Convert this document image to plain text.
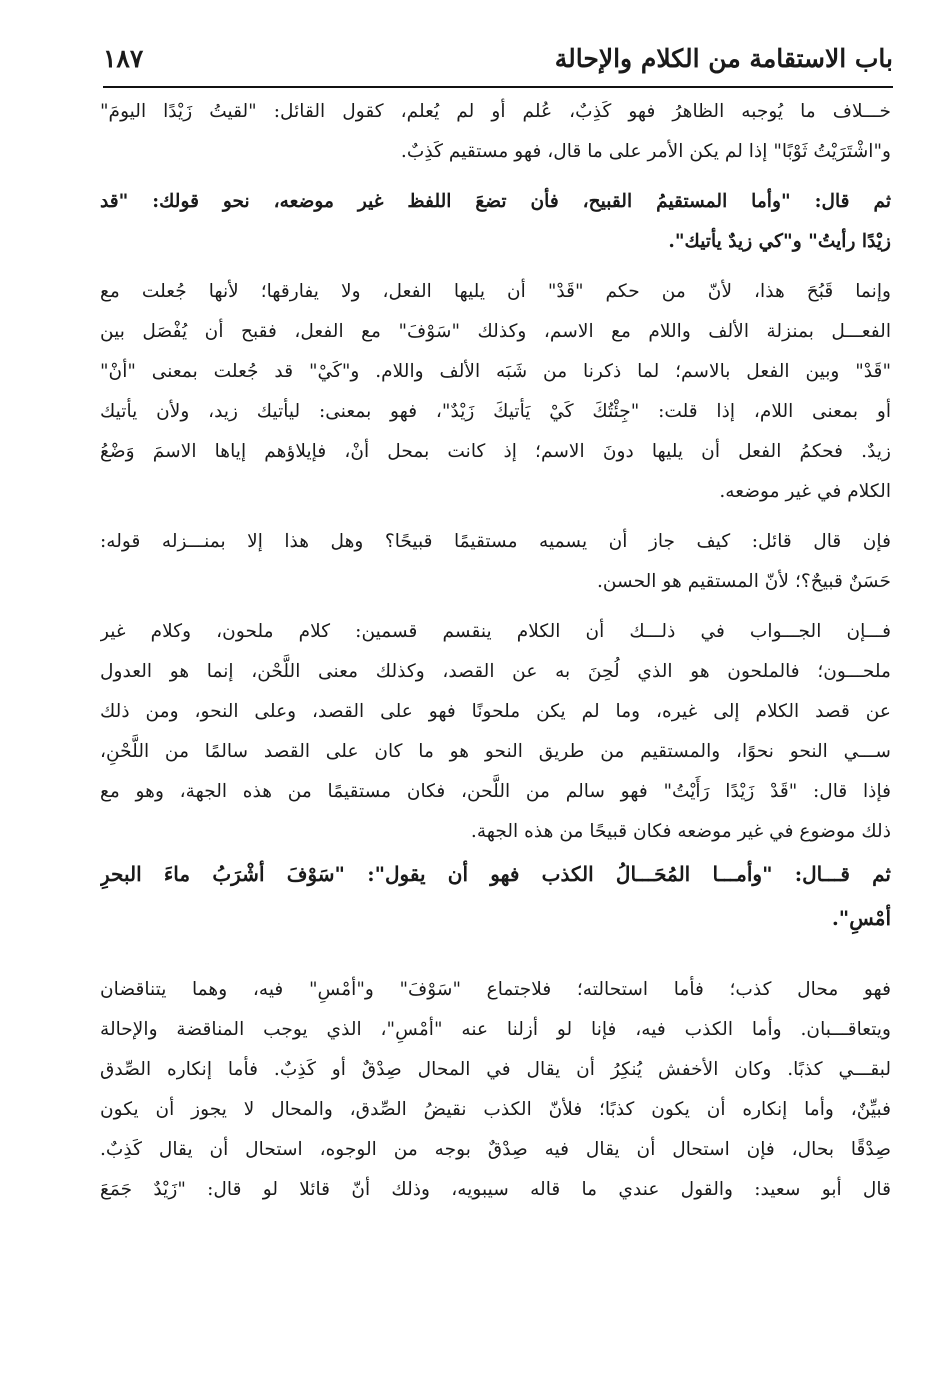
باب الاستقامة من الكلام والإحالة
١٨٧
خـــلاف ما يُوجبه الظاهرُ فهو كَذِبٌ، عُلم أو لم يُعلم، كقول القائل: "لقيتُ زَيْدًا اليومَ"
و"اشْتَرَيْتُ ثَوْبًا" إذا لم يكن الأمر على ما قال، فهو مستقيم كَذِبٌ.
ثم قال: "وأما المستقيمُ القبيح، فأن تضعَ اللفظ غير موضعه، نحو قولك: "قد
زيْدًا رأيتُ" و"كي زيدٌ يأتيك".
وإنما قَبُحَ هذا، لأنّ من حكم "قَدْ" أن يليها الفعل، ولا يفارقها؛ لأنها جُعلت مع
الفعـــل بمنزلة الألف واللام مع الاسم، وكذلك "سَوْفَ" مع الفعل، فقبح أن يُفْصَل بين
"قَدْ" وبين الفعل بالاسم؛ لما ذكرنا من شَبَه الألف واللام. و"كَيْ" قد جُعلت بمعنى "أنْ"
أو بمعنى اللام، إذا قلت: "جِئْتُكَ كَيْ يَأتيكَ زَيْدٌ"، فهو بمعنى: ليأتيك زيد، ولأن يأتيك
زيدٌ. فحكمُ الفعل أن يليها دونَ الاسم؛ إذ كانت بمحل أنْ، فإيلاؤهم إياها الاسمَ وَضْعُ
الكلام في غير موضعه.
فإن قال قائل: كيف جاز أن يسميه مستقيمًا قبيحًا؟ وهل هذا إلا بمنـــزله قوله:
حَسَنٌ قبيحٌ؟؛ لأنّ المستقيم هو الحسن.
فـــإن الجـــواب في ذلـــك أن الكلام ينقسم قسمين: كلام ملحون، وكلام غير
ملحـــون؛ فالملحون هو الذي لُحِنَ به عن القصد، وكذلك معنى اللَّحْن، إنما هو العدول
عن قصد الكلام إلى غيره، وما لم يكن ملحونًا فهو على القصد، وعلى النحو، ومن ذلك
ســـي النحو نحوًا، والمستقيم من طريق النحو هو ما كان على القصد سالمًا من اللَّحْنِ،
فإذا قال: "قَدْ زَيْدًا رَأَيْتُ" فهو سالم من اللَّحن، فكان مستقيمًا من هذه الجهة، وهو مع
ذلك موضوع في غير موضعه فكان قبيحًا من هذه الجهة.
ثم قـــال: "وأمـــا المُحَـــالُ الكذب فهو أن يقول": "سَوْفَ أشْرَبُ ماءَ البحرِ
أمْسِ".
فهو محال كذب؛ فأما استحالته؛ فلاجتماع "سَوْفَ" و"أمْسِ" فيه، وهما يتناقضان
ويتعاقـــبان. وأما الكذب فيه، فإنا لو أزلنا عنه "أمْسِ"، الذي يوجب المناقضة والإحالة
لبقـــي كذبًا. وكان الأخفش يُنكِرُ أن يقال في المحال صِدْقٌ أو كَذِبٌ. فأما إنكاره الصِّدق
فبيِّنٌ، وأما إنكاره أن يكون كذبًا؛ فلأنّ الكذب نقيضُ الصِّدق، والمحال لا يجوز أن يكون
صِدْقًا بحال، فإن استحال أن يقال فيه صِدْقٌ بوجه من الوجوه، استحال أن يقال كَذِبٌ.
قال أبو سعيد: والقول عندي ما قاله سيبويه، وذلك أنّ قائلا لو قال: "زَيْدٌ جَمَعَ
